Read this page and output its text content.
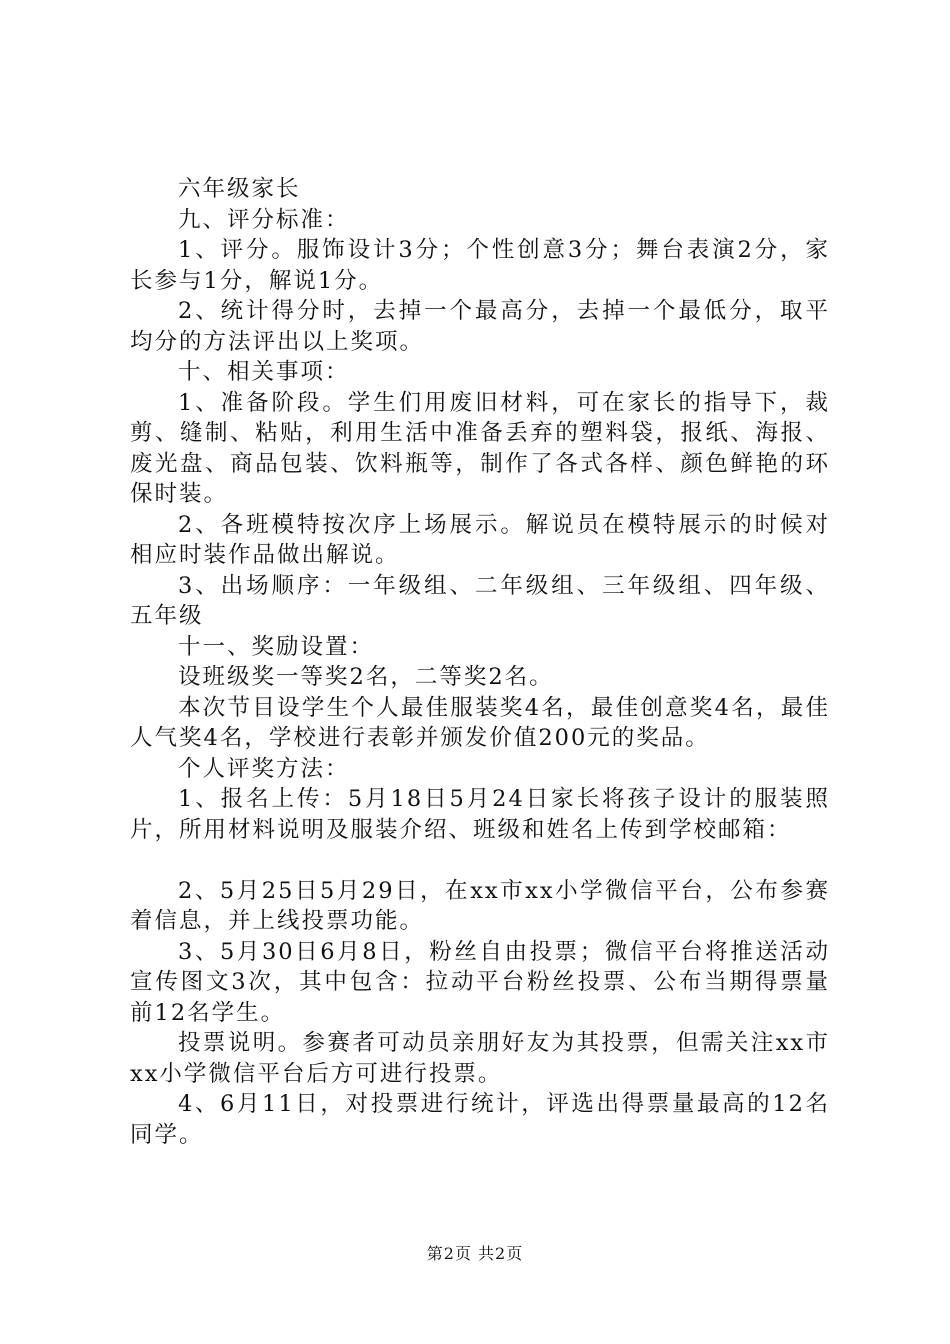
六年级家长

九、评分标准：

1、评分。服饰设计3分；个性创意3分；舞台表演2分，家长参与1分，解说1分。

2、统计得分时，去掉一个最高分，去掉一个最低分，取平均分的方法评出以上奖项。

十、相关事项：

1、准备阶段。学生们用废旧材料，可在家长的指导下，裁剪、缝制、粘贴，利用生活中准备丢弃的塑料袋，报纸、海报、废光盘、商品包装、饮料瓶等，制作了各式各样、颜色鲜艳的环保时装。

2、各班模特按次序上场展示。解说员在模特展示的时候对相应时装作品做出解说。

3、出场顺序：一年级组、二年级组、三年级组、四年级、五年级

十一、奖励设置：

设班级奖一等奖2名，二等奖2名。

本次节目设学生个人最佳服装奖4名，最佳创意奖4名，最佳人气奖4名，学校进行表彰并颁发价值200元的奖品。

个人评奖方法：

1、报名上传：5月18日5月24日家长将孩子设计的服装照片，所用材料说明及服装介绍、班级和姓名上传到学校邮箱：

2、5月25日5月29日，在xx市xx小学微信平台，公布参赛着信息，并上线投票功能。

3、5月30日6月8日，粉丝自由投票；微信平台将推送活动宣传图文3次，其中包含：拉动平台粉丝投票、公布当期得票量前12名学生。

投票说明。参赛者可动员亲朋好友为其投票，但需关注xx市xx小学微信平台后方可进行投票。

4、6月11日，对投票进行统计，评选出得票量最高的12名同学。

第2页 共2页
